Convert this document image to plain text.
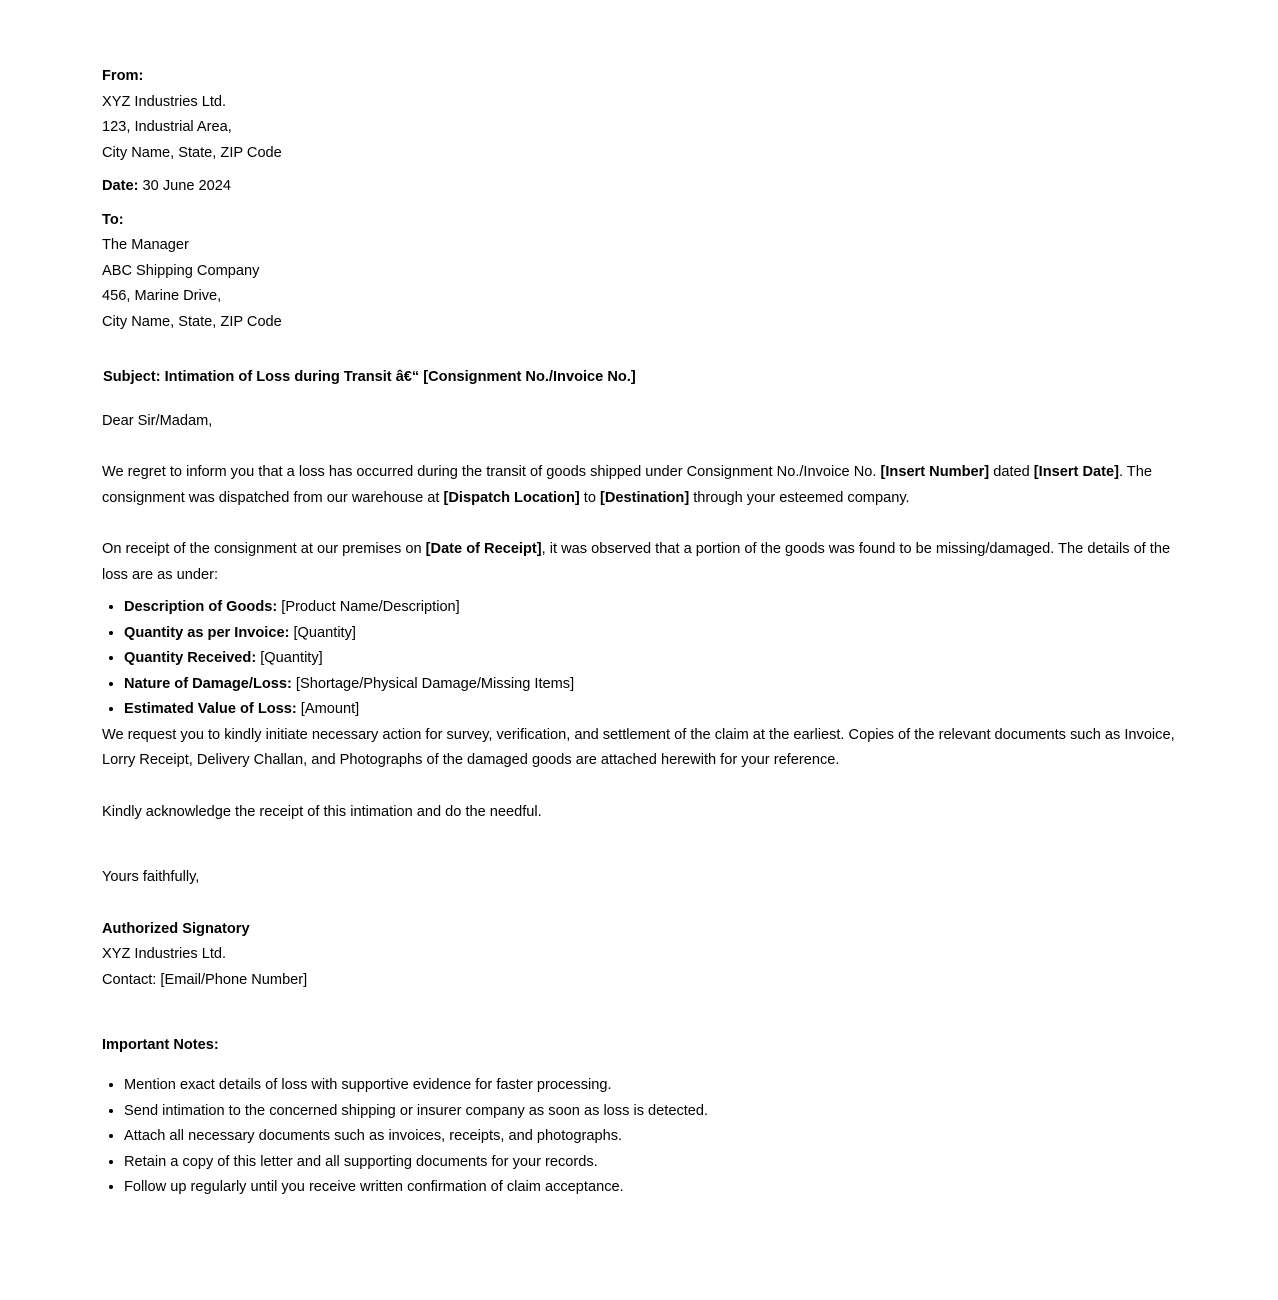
From:

XYZ Industries Ltd.

123, Industrial Area,

City Name, State, ZIP Code

Date: 30 June 2024

To:

The Manager

ABC Shipping Company

456, Marine Drive,

City Name, State, ZIP Code

Subject: Intimation of Loss during Transit â€“ [Consignment No./Invoice No.]

Dear Sir/Madam,

We regret to inform you that a loss has occurred during the transit of goods shipped under Consignment No./Invoice No. [Insert Number] dated [Insert Date]. The consignment was dispatched from our warehouse at [Dispatch Location] to [Destination] through your esteemed company.

On receipt of the consignment at our premises on [Date of Receipt], it was observed that a portion of the goods was found to be missing/damaged. The details of the loss are as under:

• Description of Goods: [Product Name/Description]
• Quantity as per Invoice: [Quantity]
• Quantity Received: [Quantity]
• Nature of Damage/Loss: [Shortage/Physical Damage/Missing Items]
• Estimated Value of Loss: [Amount]

We request you to kindly initiate necessary action for survey, verification, and settlement of the claim at the earliest. Copies of the relevant documents such as Invoice, Lorry Receipt, Delivery Challan, and Photographs of the damaged goods are attached herewith for your reference.

Kindly acknowledge the receipt of this intimation and do the needful.

Yours faithfully,

Authorized Signatory

XYZ Industries Ltd.

Contact: [Email/Phone Number]

Important Notes:

• Mention exact details of loss with supportive evidence for faster processing.
• Send intimation to the concerned shipping or insurer company as soon as loss is detected.
• Attach all necessary documents such as invoices, receipts, and photographs.
• Retain a copy of this letter and all supporting documents for your records.
• Follow up regularly until you receive written confirmation of claim acceptance.
